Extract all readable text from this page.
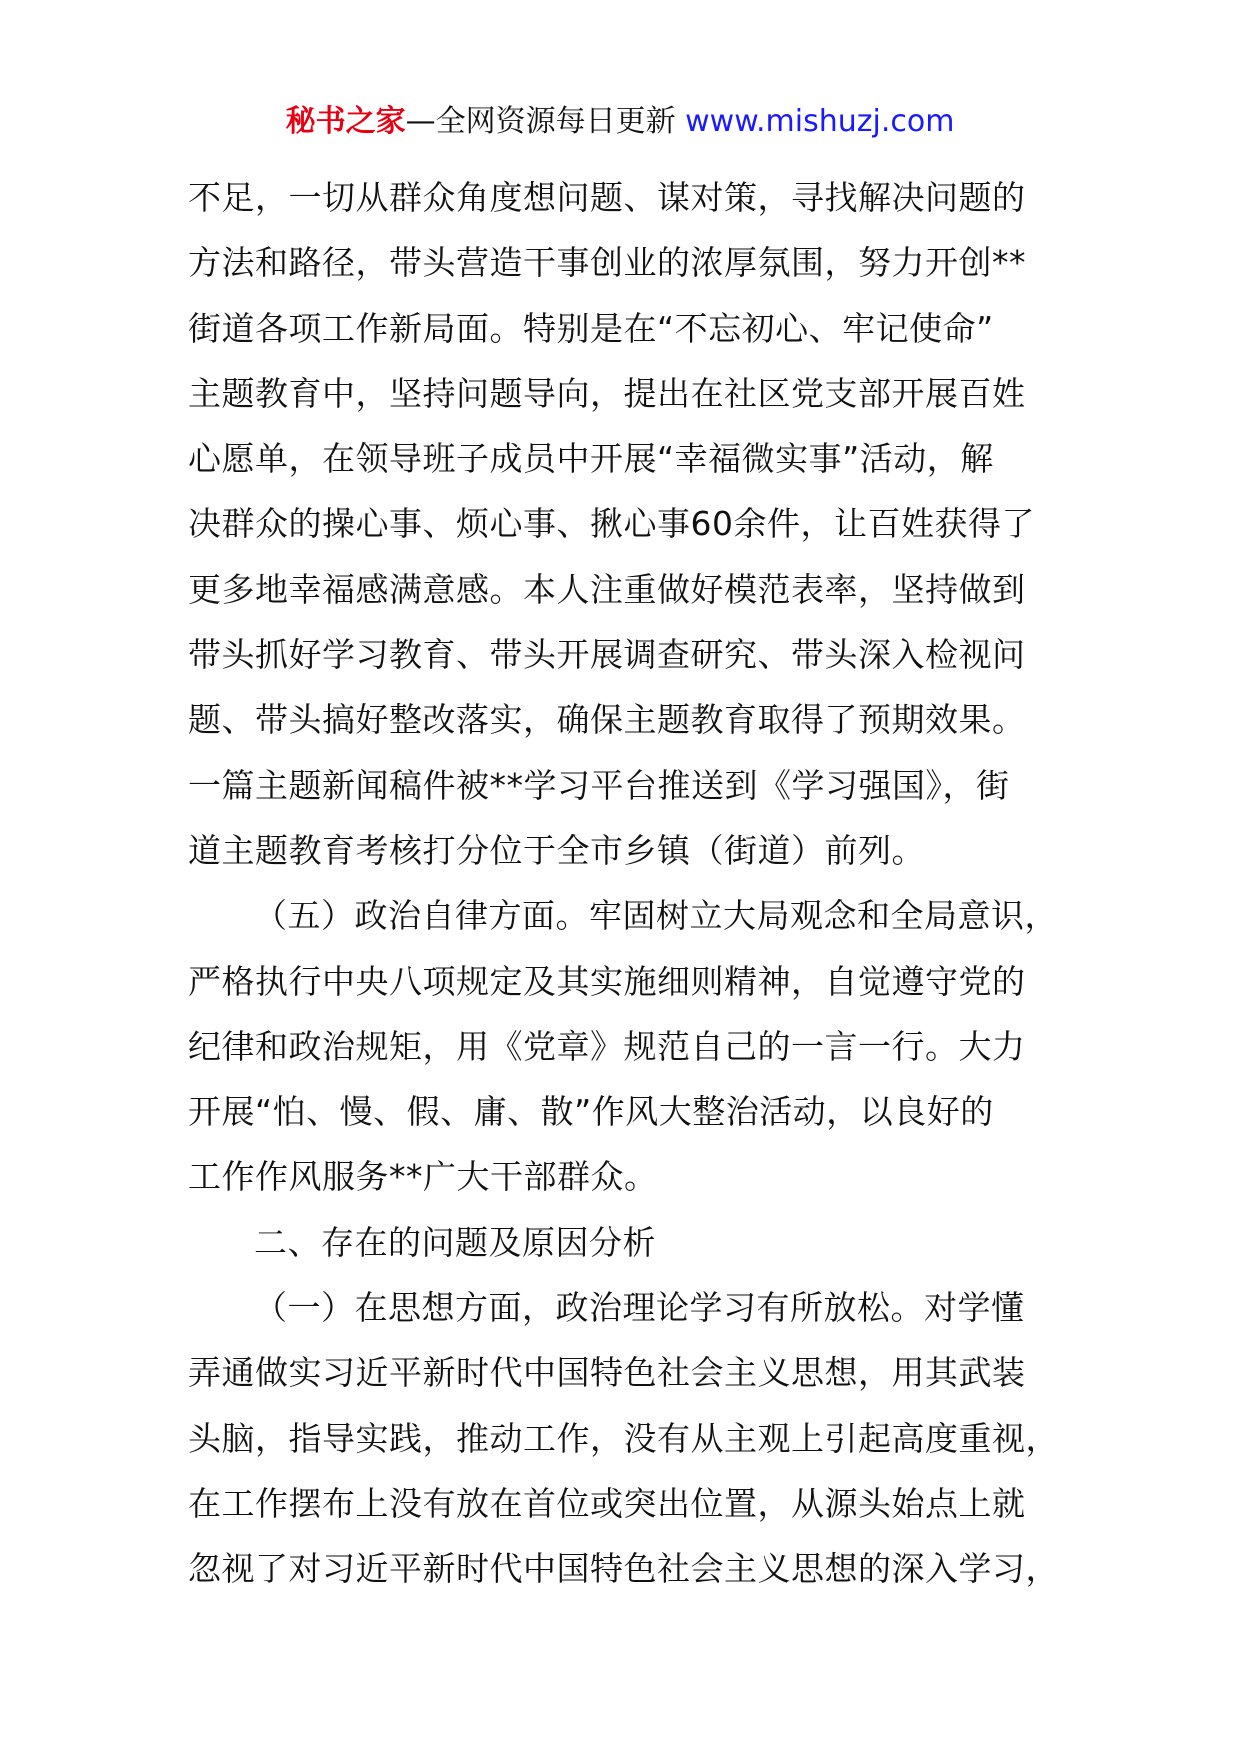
秘书之家—全网资源每日更新 www.mishuzj.com
不足，一切从群众角度想问题、谋对策，寻找解决问题的
方法和路径，带头营造干事创业的浓厚氛围，努力开创**
街道各项工作新局面。特别是在“不忘初心、牢记使命”
主题教育中，坚持问题导向，提出在社区党支部开展百姓
心愿单，在领导班子成员中开展“幸福微实事”活动，解
决群众的操心事、烦心事、揪心事60余件，让百姓获得了
更多地幸福感满意感。本人注重做好模范表率，坚持做到
带头抓好学习教育、带头开展调查研究、带头深入检视问
题、带头搞好整改落实，确保主题教育取得了预期效果。
一篇主题新闻稿件被**学习平台推送到《学习强国》，街
道主题教育考核打分位于全市乡镇（街道）前列。
（五）政治自律方面。牢固树立大局观念和全局意识，
严格执行中央八项规定及其实施细则精神，自觉遵守党的
纪律和政治规矩，用《党章》规范自己的一言一行。大力
开展“怕、慢、假、庸、散”作风大整治活动，以良好的
工作作风服务**广大干部群众。
二、存在的问题及原因分析
（一）在思想方面，政治理论学习有所放松。对学懂
弄通做实习近平新时代中国特色社会主义思想，用其武装
头脑，指导实践，推动工作，没有从主观上引起高度重视，
在工作摆布上没有放在首位或突出位置，从源头始点上就
忽视了对习近平新时代中国特色社会主义思想的深入学习，
